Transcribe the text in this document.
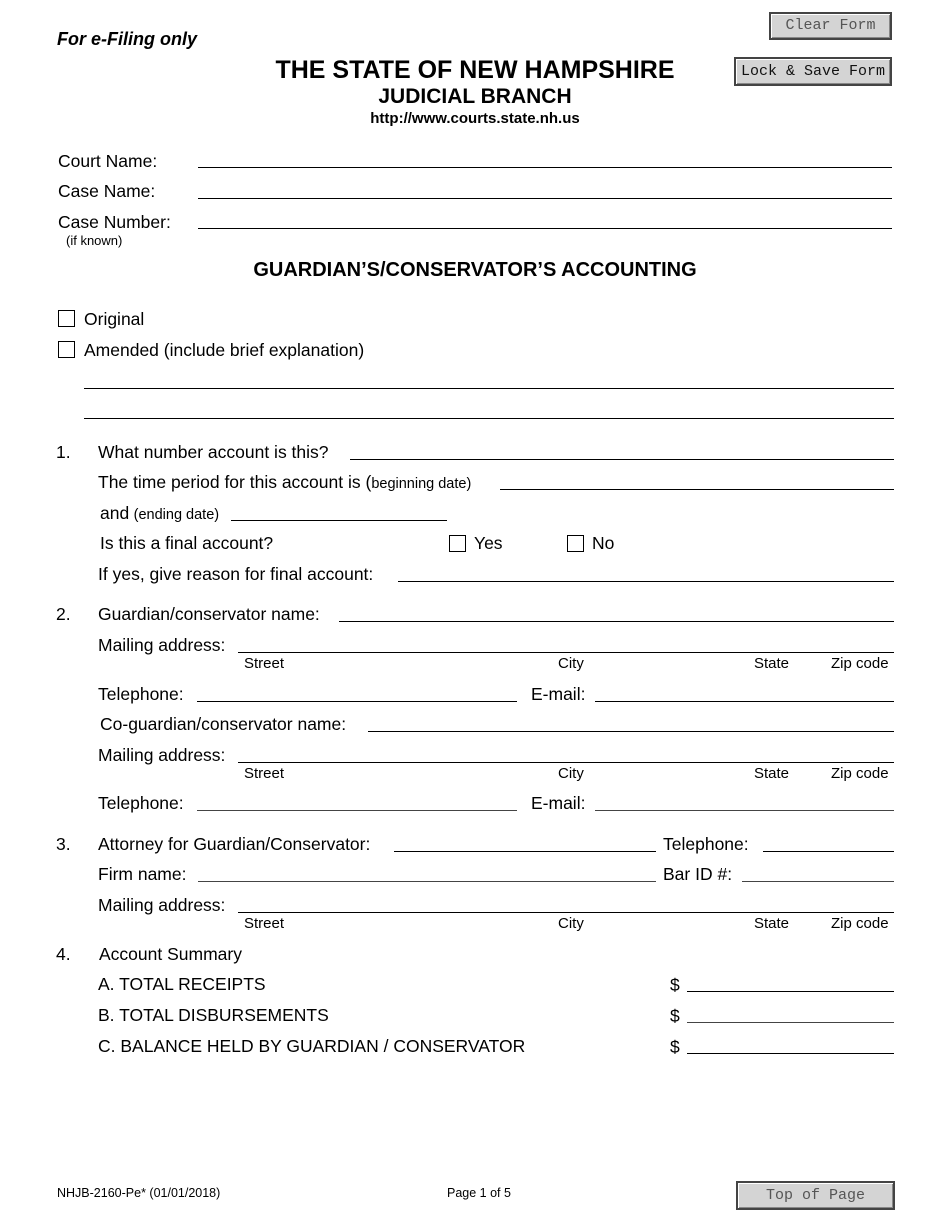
For e-Filing only
THE STATE OF NEW HAMPSHIRE
JUDICIAL BRANCH
http://www.courts.state.nh.us
Clear Form
Lock & Save Form
Court Name:
Case Name:
Case Number:
(if known)
GUARDIAN’S/CONSERVATOR’S ACCOUNTING
Original
Amended (include brief explanation)
1. What number account is this?
The time period for this account is (beginning date)
and (ending date)
Is this a final account?	Yes	No
If yes, give reason for final account:
2. Guardian/conservator name:
Mailing address:
Street	City	State	Zip code
Telephone:	E-mail:
Co-guardian/conservator name:
Mailing address:
Street	City	State	Zip code
Telephone:	E-mail:
3. Attorney for Guardian/Conservator:	Telephone:
Firm name:	Bar ID #:
Mailing address:
Street	City	State	Zip code
4. Account Summary
A. TOTAL RECEIPTS	$
B. TOTAL DISBURSEMENTS	$
C. BALANCE HELD BY GUARDIAN / CONSERVATOR	$
NHJB-2160-Pe* (01/01/2018)	Page 1 of 5	Top of Page
